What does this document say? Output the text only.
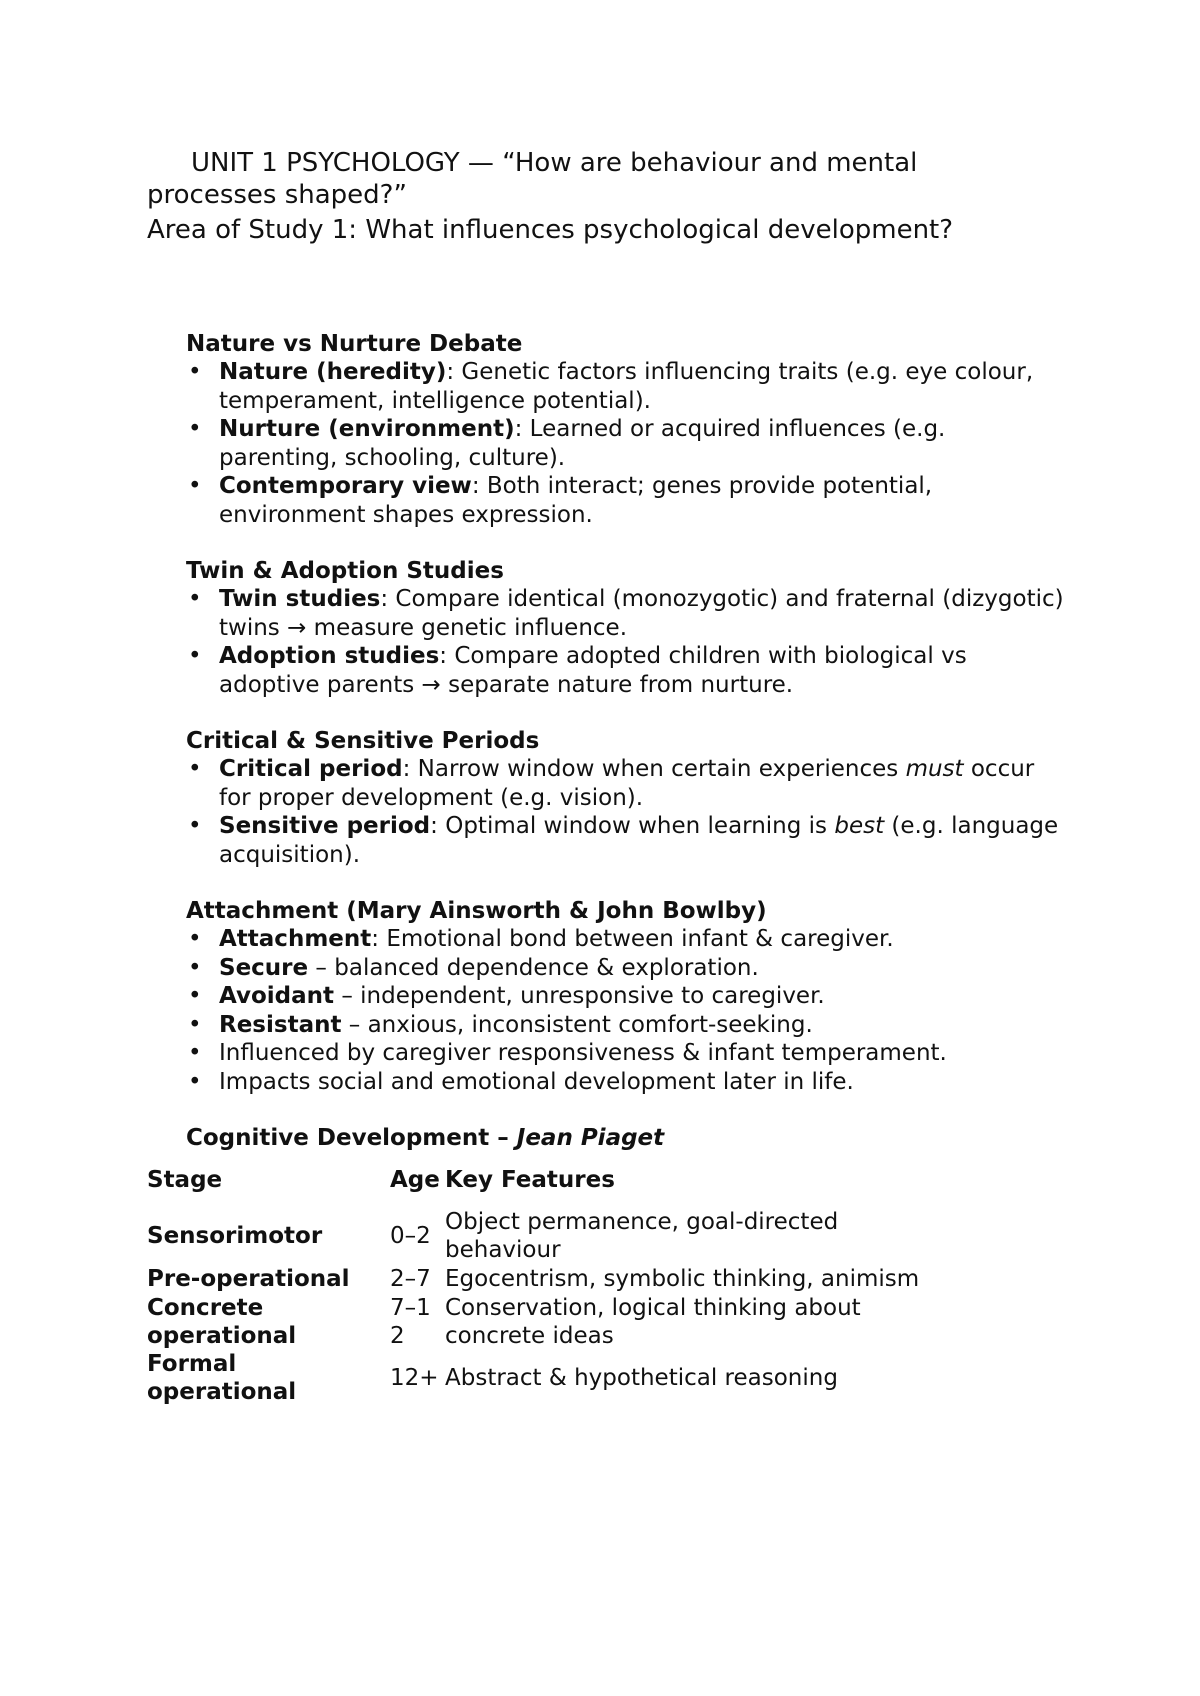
UNIT 1 PSYCHOLOGY — “How are behaviour and mental processes shaped?”
Area of Study 1: What influences psychological development?

Nature vs Nurture Debate

• Nature (heredity): Genetic factors influencing traits (e.g. eye colour, temperament, intelligence potential).
• Nurture (environment): Learned or acquired influences (e.g. parenting, schooling, culture).
• Contemporary view: Both interact; genes provide potential, environment shapes expression.

Twin & Adoption Studies

• Twin studies: Compare identical (monozygotic) and fraternal (dizygotic) twins → measure genetic influence.
• Adoption studies: Compare adopted children with biological vs adoptive parents → separate nature from nurture.

Critical & Sensitive Periods

• Critical period: Narrow window when certain experiences must occur for proper development (e.g. vision).
• Sensitive period: Optimal window when learning is best (e.g. language acquisition).

Attachment (Mary Ainsworth & John Bowlby)

• Attachment: Emotional bond between infant & caregiver.
• Secure – balanced dependence & exploration.
• Avoidant – independent, unresponsive to caregiver.
• Resistant – anxious, inconsistent comfort-seeking.
• Influenced by caregiver responsiveness & infant temperament.
• Impacts social and emotional development later in life.

Cognitive Development – Jean Piaget

Stage	Age	Key Features
Sensorimotor	0–2	Object permanence, goal-directed behaviour
Pre-operational	2–7	Egocentrism, symbolic thinking, animism
Concrete operational	7–12	Conservation, logical thinking about concrete ideas
Formal operational	12+	Abstract & hypothetical reasoning
